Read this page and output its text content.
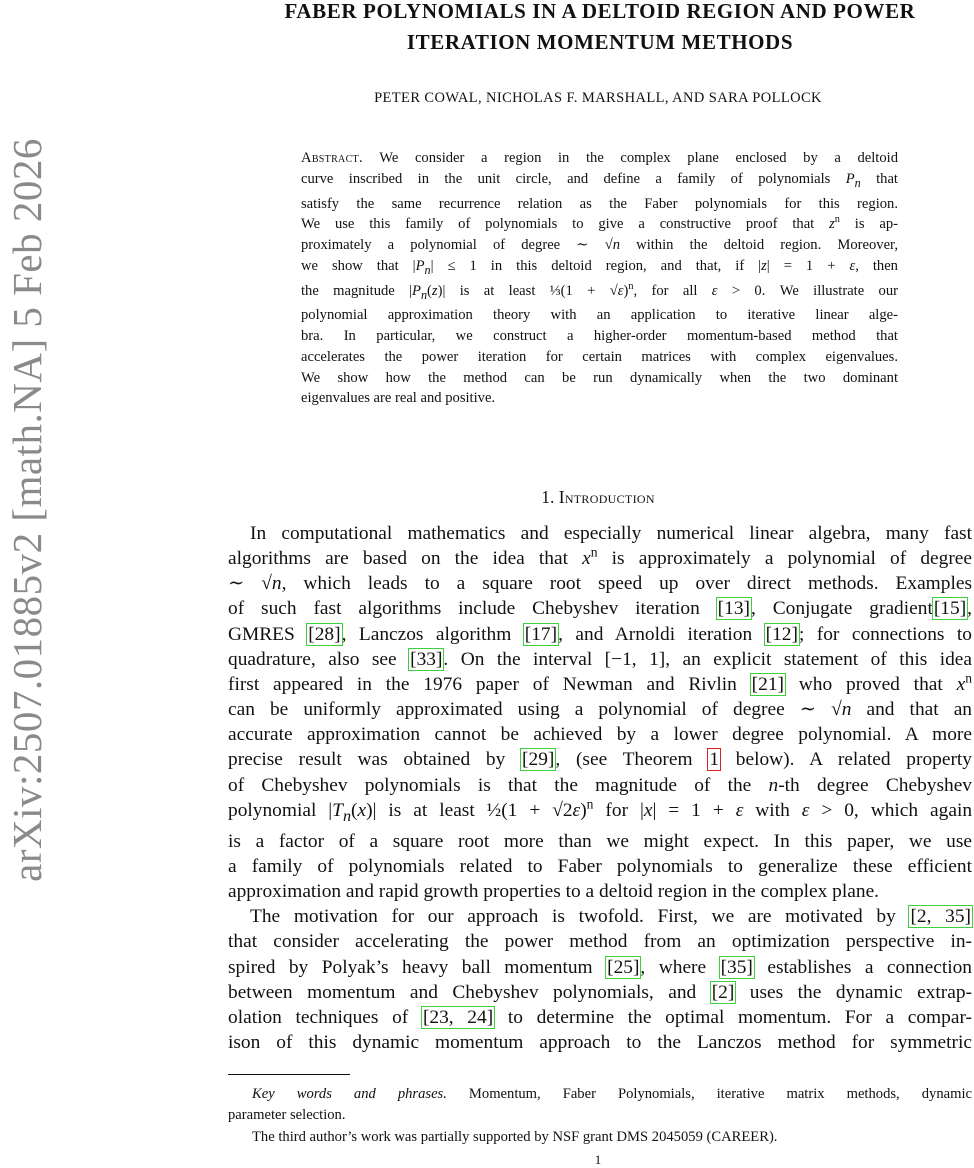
arXiv:2507.01885v2 [math.NA] 5 Feb 2026
FABER POLYNOMIALS IN A DELTOID REGION AND POWER
ITERATION MOMENTUM METHODS
PETER COWAL, NICHOLAS F. MARSHALL, AND SARA POLLOCK
Abstract. We consider a region in the complex plane enclosed by a deltoid
curve inscribed in the unit circle, and define a family of polynomials $P_n$ that
satisfy the same recurrence relation as the Faber polynomials for this region.
We use this family of polynomials to give a constructive proof that $z^n$ is ap-
proximately a polynomial of degree ∼ √n within the deltoid region. Moreover,
we show that $|P_n| \le 1$ in this deltoid region, and that, if |z| = 1 + ε, then
the magnitude $|P_n(z)|$ is at least ⅓(1 + √ε)$^n$, for all ε > 0. We illustrate our
polynomial approximation theory with an application to iterative linear alge-
bra. In particular, we construct a higher-order momentum-based method that
accelerates the power iteration for certain matrices with complex eigenvalues.
We show how the method can be run dynamically when the two dominant
eigenvalues are real and positive.
1. Introduction
In computational mathematics and especially numerical linear algebra, many fast
algorithms are based on the idea that $x^n$ is approximately a polynomial of degree
∼ √n, which leads to a square root speed up over direct methods. Examples
of such fast algorithms include Chebyshev iteration [13], Conjugate gradient[15],
GMRES [28], Lanczos algorithm [17], and Arnoldi iteration [12]; for connections to
quadrature, also see [33]. On the interval [−1, 1], an explicit statement of this idea
first appeared in the 1976 paper of Newman and Rivlin [21] who proved that $x^n$
can be uniformly approximated using a polynomial of degree ∼ √n and that an
accurate approximation cannot be achieved by a lower degree polynomial. A more
precise result was obtained by [29], (see Theorem 1 below). A related property
of Chebyshev polynomials is that the magnitude of the n-th degree Chebyshev
polynomial $|T_n(x)|$ is at least ½(1 + √2ε)$^n$ for |x| = 1 + ε with ε > 0, which again
is a factor of a square root more than we might expect. In this paper, we use
a family of polynomials related to Faber polynomials to generalize these efficient
approximation and rapid growth properties to a deltoid region in the complex plane.
The motivation for our approach is twofold. First, we are motivated by [2, 35]
that consider accelerating the power method from an optimization perspective in-
spired by Polyak’s heavy ball momentum [25], where [35] establishes a connection
between momentum and Chebyshev polynomials, and [2] uses the dynamic extrap-
olation techniques of [23, 24] to determine the optimal momentum. For a compar-
ison of this dynamic momentum approach to the Lanczos method for symmetric
Key words and phrases. Momentum, Faber Polynomials, iterative matrix methods, dynamic
parameter selection.
The third author’s work was partially supported by NSF grant DMS 2045059 (CAREER).
1
